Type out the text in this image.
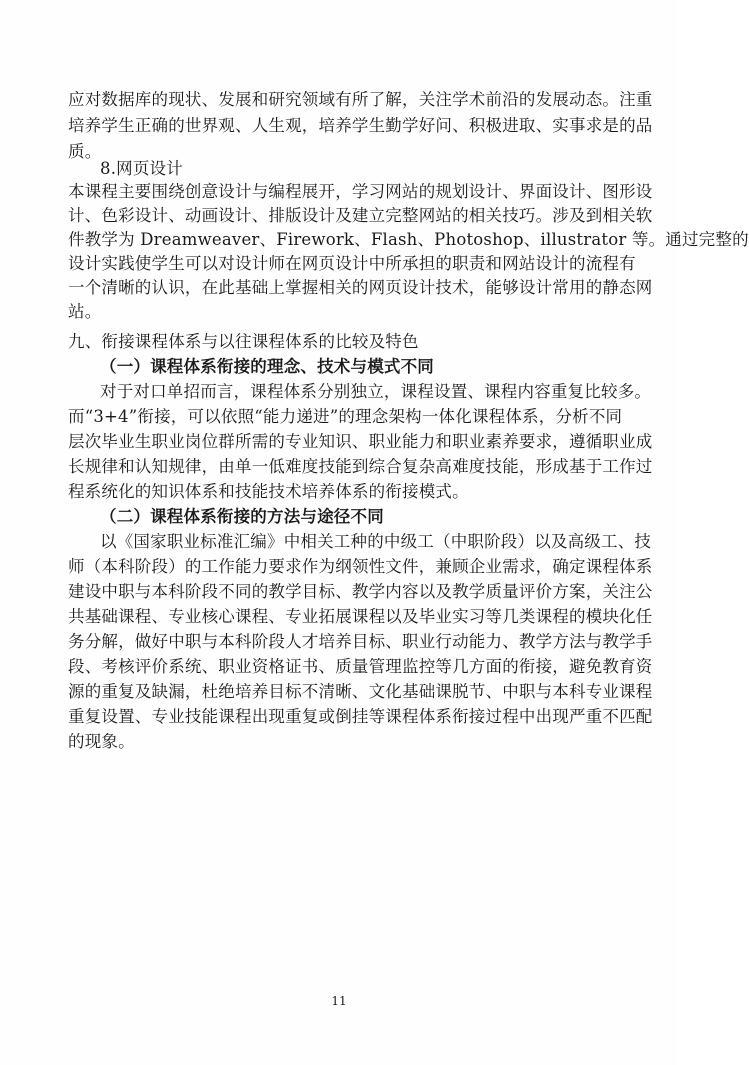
应对数据库的现状、发展和研究领域有所了解，关注学术前沿的发展动态。注重
培养学生正确的世界观、人生观，培养学生勤学好问、积极进取、实事求是的品
质。
8.网页设计
本课程主要围绕创意设计与编程展开，学习网站的规划设计、界面设计、图形设
计、色彩设计、动画设计、排版设计及建立完整网站的相关技巧。涉及到相关软
件教学为 Dreamweaver、Firework、Flash、Photoshop、illustrator 等。通过完整的
设计实践使学生可以对设计师在网页设计中所承担的职责和网站设计的流程有
一个清晰的认识，在此基础上掌握相关的网页设计技术，能够设计常用的静态网
站。
九、衔接课程体系与以往课程体系的比较及特色
（一）课程体系衔接的理念、技术与模式不同
对于对口单招而言，课程体系分别独立，课程设置、课程内容重复比较多。
而“3+4”衔接，可以依照“能力递进”的理念架构一体化课程体系，分析不同
层次毕业生职业岗位群所需的专业知识、职业能力和职业素养要求，遵循职业成
长规律和认知规律，由单一低难度技能到综合复杂高难度技能，形成基于工作过
程系统化的知识体系和技能技术培养体系的衔接模式。
（二）课程体系衔接的方法与途径不同
以《国家职业标准汇编》中相关工种的中级工（中职阶段）以及高级工、技
师（本科阶段）的工作能力要求作为纲领性文件，兼顾企业需求，确定课程体系
建设中职与本科阶段不同的教学目标、教学内容以及教学质量评价方案，关注公
共基础课程、专业核心课程、专业拓展课程以及毕业实习等几类课程的模块化任
务分解，做好中职与本科阶段人才培养目标、职业行动能力、教学方法与教学手
段、考核评价系统、职业资格证书、质量管理监控等几方面的衔接，避免教育资
源的重复及缺漏，杜绝培养目标不清晰、文化基础课脱节、中职与本科专业课程
重复设置、专业技能课程出现重复或倒挂等课程体系衔接过程中出现严重不匹配
的现象。
11
